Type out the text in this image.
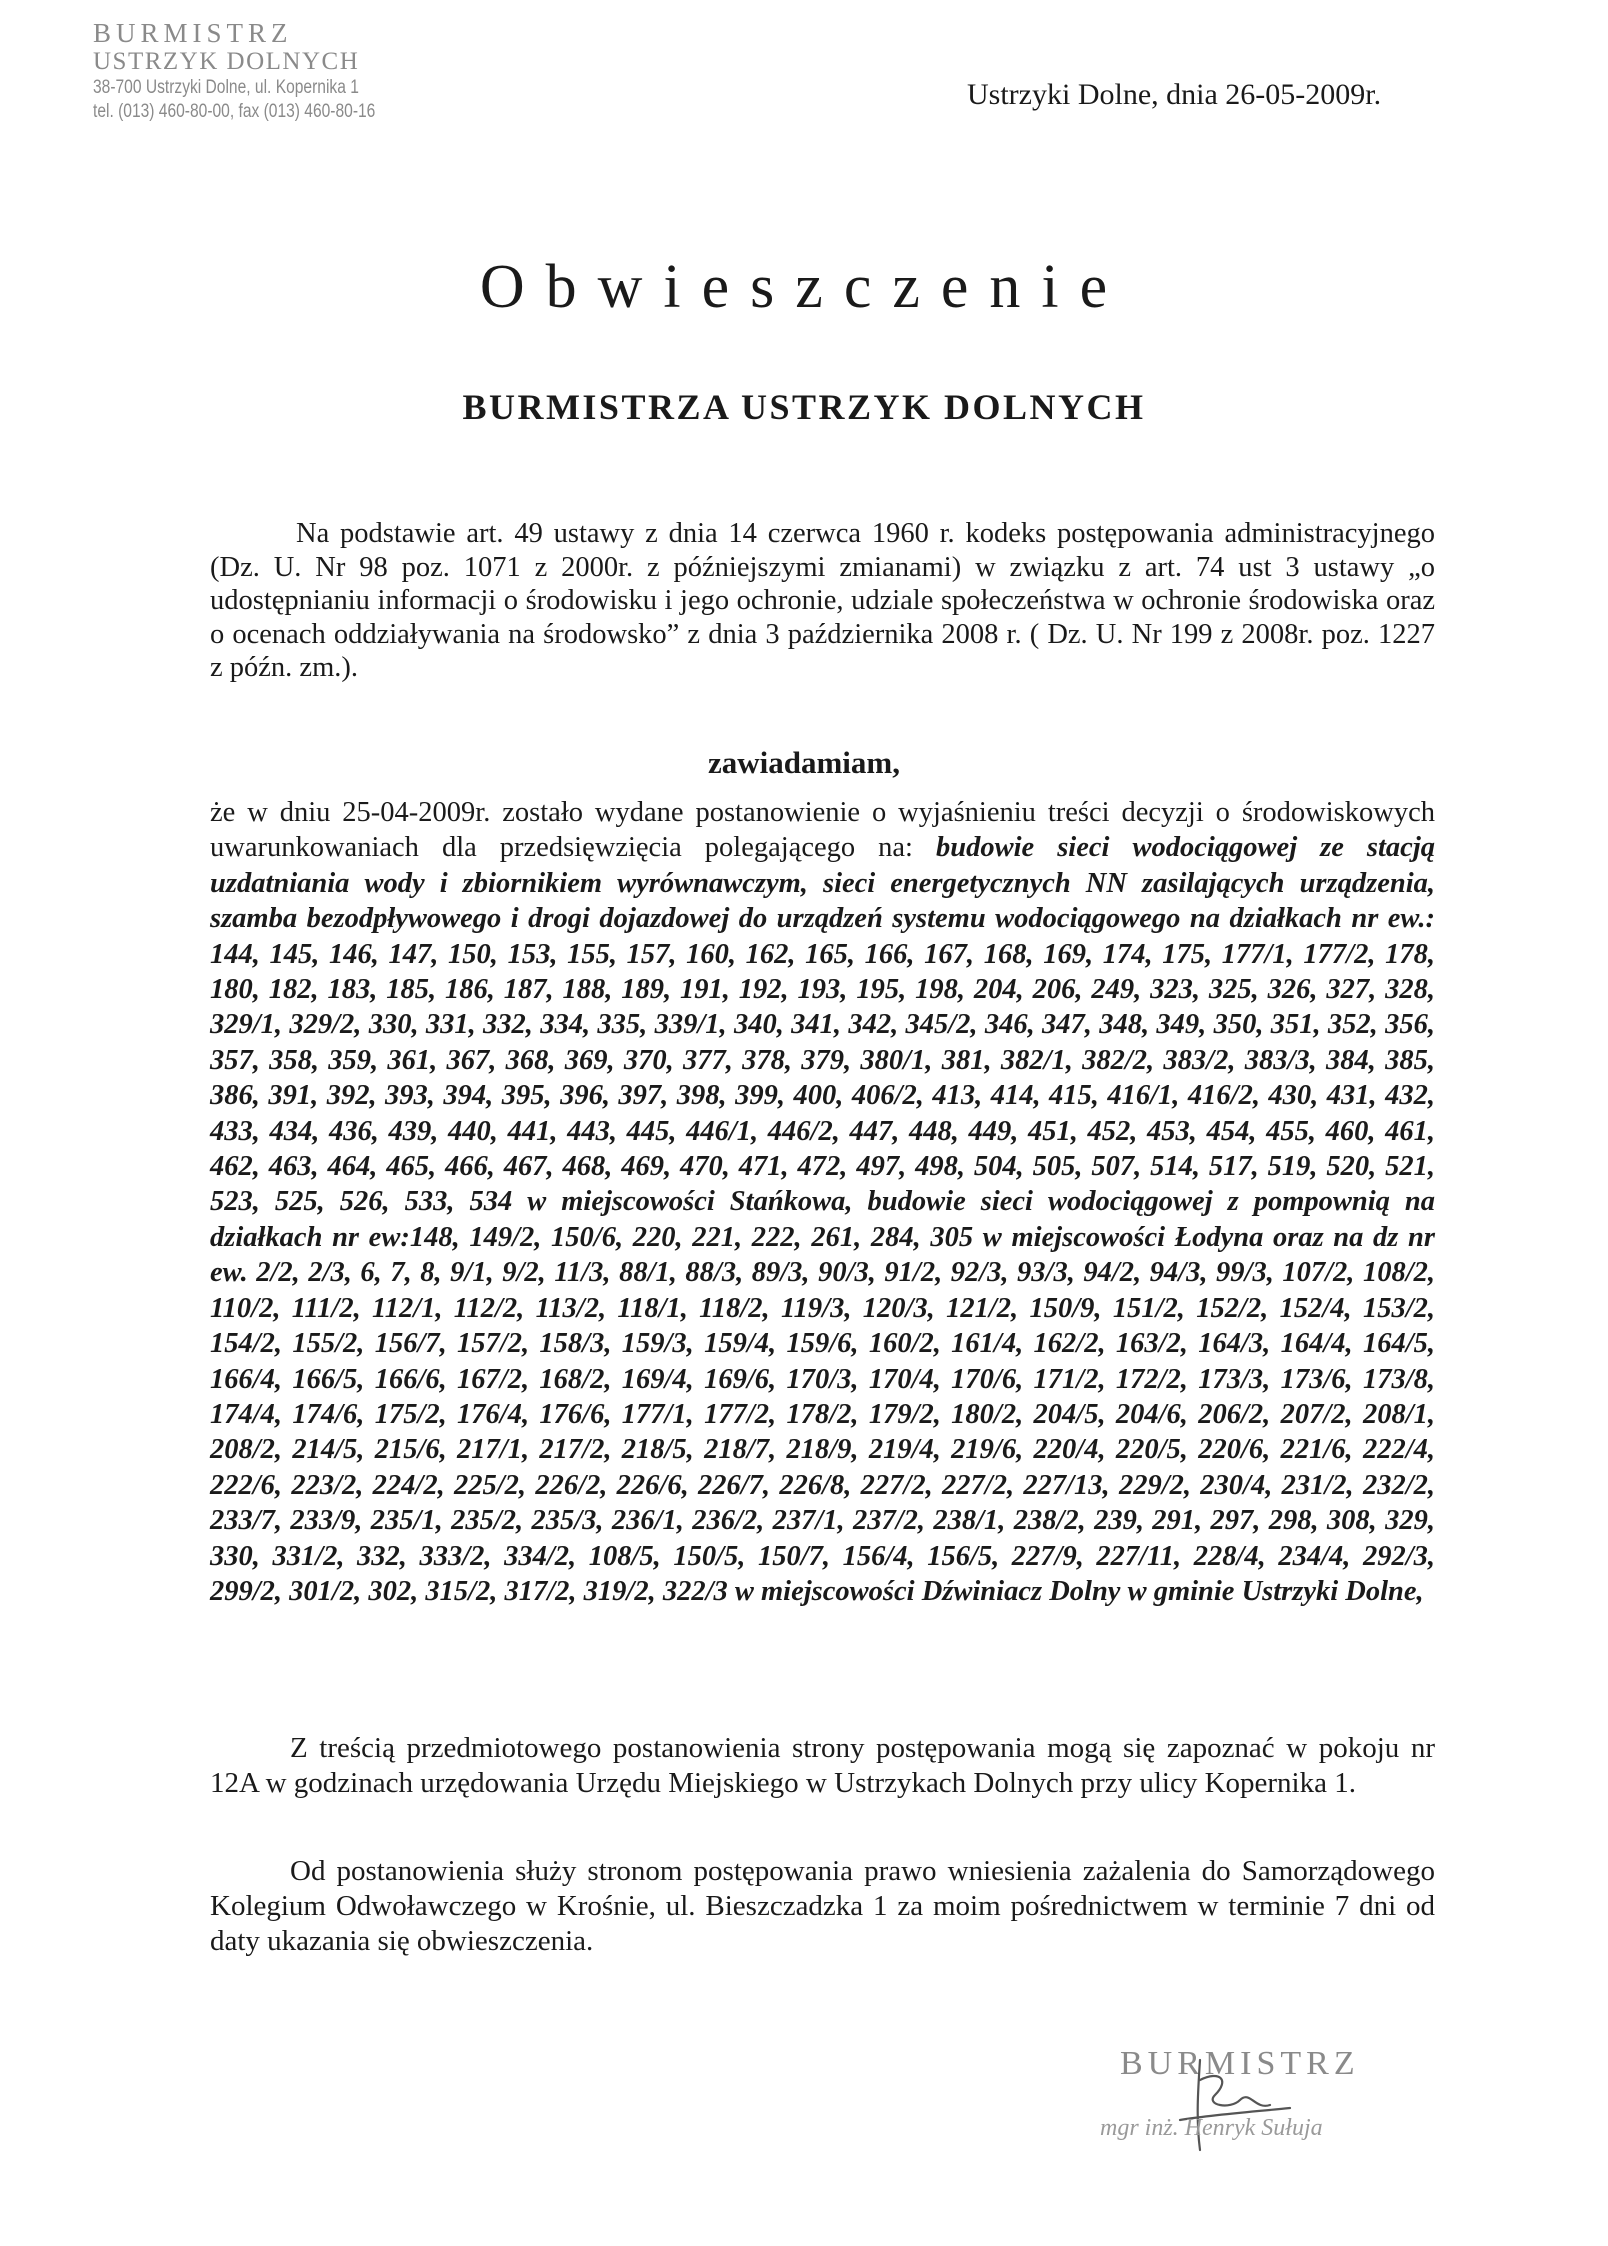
BURMISTRZ
USTRZYK DOLNYCH
38-700 Ustrzyki Dolne, ul. Kopernika 1
tel. (013) 460-80-00, fax (013) 460-80-16
Ustrzyki Dolne, dnia 26-05-2009r.
Obwieszczenie
BURMISTRZA USTRZYK DOLNYCH

Na podstawie art. 49 ustawy z dnia 14 czerwca 1960 r. kodeks postępowania administracyjnego (Dz. U. Nr 98 poz. 1071 z 2000r. z późniejszymi zmianami) w związku z art. 74 ust 3 ustawy „o udostępnianiu informacji o środowisku i jego ochronie, udziale społeczeństwa w ochronie środowiska oraz o ocenach oddziaływania na środowsko” z dnia 3 października 2008 r. ( Dz. U. Nr 199 z 2008r. poz. 1227 z późn. zm.).

zawiadamiam,

że w dniu 25-04-2009r. zostało wydane postanowienie o wyjaśnieniu treści decyzji o środowiskowych uwarunkowaniach dla przedsięwzięcia polegającego na: budowie sieci wodociągowej ze stacją uzdatniania wody i zbiornikiem wyrównawczym, sieci energetycznych NN zasilających urządzenia, szamba bezodpływowego i drogi dojazdowej do urządzeń systemu wodociągowego na działkach nr ew.: 144, 145, 146, 147, 150, 153, 155, 157, 160, 162, 165, 166, 167, 168, 169, 174, 175, 177/1, 177/2, 178, 180, 182, 183, 185, 186, 187, 188, 189, 191, 192, 193, 195, 198, 204, 206, 249, 323, 325, 326, 327, 328, 329/1, 329/2, 330, 331, 332, 334, 335, 339/1, 340, 341, 342, 345/2, 346, 347, 348, 349, 350, 351, 352, 356, 357, 358, 359, 361, 367, 368, 369, 370, 377, 378, 379, 380/1, 381, 382/1, 382/2, 383/2, 383/3, 384, 385, 386, 391, 392, 393, 394, 395, 396, 397, 398, 399, 400, 406/2, 413, 414, 415, 416/1, 416/2, 430, 431, 432, 433, 434, 436, 439, 440, 441, 443, 445, 446/1, 446/2, 447, 448, 449, 451, 452, 453, 454, 455, 460, 461, 462, 463, 464, 465, 466, 467, 468, 469, 470, 471, 472, 497, 498, 504, 505, 507, 514, 517, 519, 520, 521, 523, 525, 526, 533, 534 w miejscowości Stańkowa, budowie sieci wodociągowej z pompownią na działkach nr ew:148, 149/2, 150/6, 220, 221, 222, 261, 284, 305 w miejscowości Łodyna oraz na dz nr ew. 2/2, 2/3, 6, 7, 8, 9/1, 9/2, 11/3, 88/1, 88/3, 89/3, 90/3, 91/2, 92/3, 93/3, 94/2, 94/3, 99/3, 107/2, 108/2, 110/2, 111/2, 112/1, 112/2, 113/2, 118/1, 118/2, 119/3, 120/3, 121/2, 150/9, 151/2, 152/2, 152/4, 153/2, 154/2, 155/2, 156/7, 157/2, 158/3, 159/3, 159/4, 159/6, 160/2, 161/4, 162/2, 163/2, 164/3, 164/4, 164/5, 166/4, 166/5, 166/6, 167/2, 168/2, 169/4, 169/6, 170/3, 170/4, 170/6, 171/2, 172/2, 173/3, 173/6, 173/8, 174/4, 174/6, 175/2, 176/4, 176/6, 177/1, 177/2, 178/2, 179/2, 180/2, 204/5, 204/6, 206/2, 207/2, 208/1, 208/2, 214/5, 215/6, 217/1, 217/2, 218/5, 218/7, 218/9, 219/4, 219/6, 220/4, 220/5, 220/6, 221/6, 222/4, 222/6, 223/2, 224/2, 225/2, 226/2, 226/6, 226/7, 226/8, 227/2, 227/2, 227/13, 229/2, 230/4, 231/2, 232/2, 233/7, 233/9, 235/1, 235/2, 235/3, 236/1, 236/2, 237/1, 237/2, 238/1, 238/2, 239, 291, 297, 298, 308, 329, 330, 331/2, 332, 333/2, 334/2, 108/5, 150/5, 150/7, 156/4, 156/5, 227/9, 227/11, 228/4, 234/4, 292/3, 299/2, 301/2, 302, 315/2, 317/2, 319/2, 322/3 w miejscowości Dźwiniacz Dolny w gminie Ustrzyki Dolne,

Z treścią przedmiotowego postanowienia strony postępowania mogą się zapoznać w pokoju nr 12A w godzinach urzędowania Urzędu Miejskiego w Ustrzykach Dolnych przy ulicy Kopernika 1.

Od postanowienia służy stronom postępowania prawo wniesienia zażalenia do Samorządowego Kolegium Odwoławczego w Krośnie, ul. Bieszczadzka 1 za moim pośrednictwem w terminie 7 dni od daty ukazania się obwieszczenia.

BURMISTRZ
mgr inż. Henryk Sułuja
